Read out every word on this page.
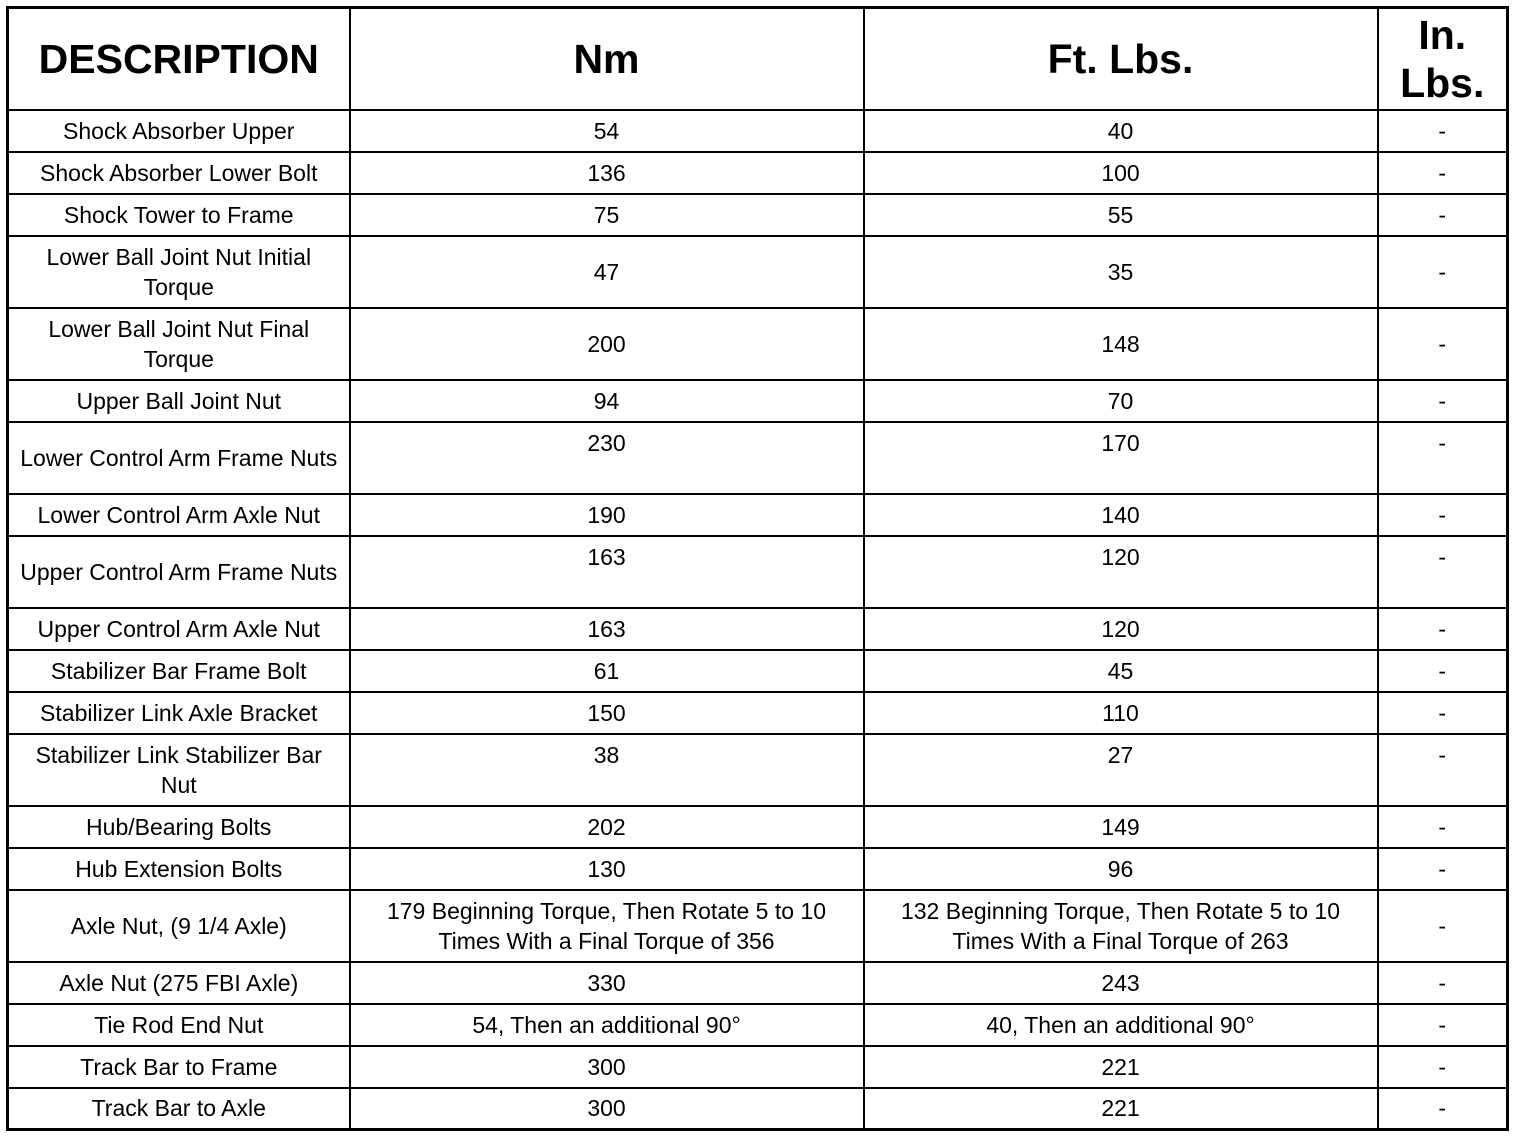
DESCRIPTION	Nm	Ft. Lbs.	In. Lbs.
Shock Absorber Upper	54	40	-
Shock Absorber Lower Bolt	136	100	-
Shock Tower to Frame	75	55	-
Lower Ball Joint Nut Initial Torque	47	35	-
Lower Ball Joint Nut Final Torque	200	148	-
Upper Ball Joint Nut	94	70	-
Lower Control Arm Frame Nuts	230	170	-
Lower Control Arm Axle Nut	190	140	-
Upper Control Arm Frame Nuts	163	120	-
Upper Control Arm Axle Nut	163	120	-
Stabilizer Bar Frame Bolt	61	45	-
Stabilizer Link Axle Bracket	150	110	-
Stabilizer Link Stabilizer Bar Nut	38	27	-
Hub/Bearing Bolts	202	149	-
Hub Extension Bolts	130	96	-
Axle Nut, (9 1/4 Axle)	179 Beginning Torque, Then Rotate 5 to 10 Times With a Final Torque of 356	132 Beginning Torque, Then Rotate 5 to 10 Times With a Final Torque of 263	-
Axle Nut (275 FBI Axle)	330	243	-
Tie Rod End Nut	54, Then an additional 90°	40, Then an additional 90°	-
Track Bar to Frame	300	221	-
Track Bar to Axle	300	221	-
